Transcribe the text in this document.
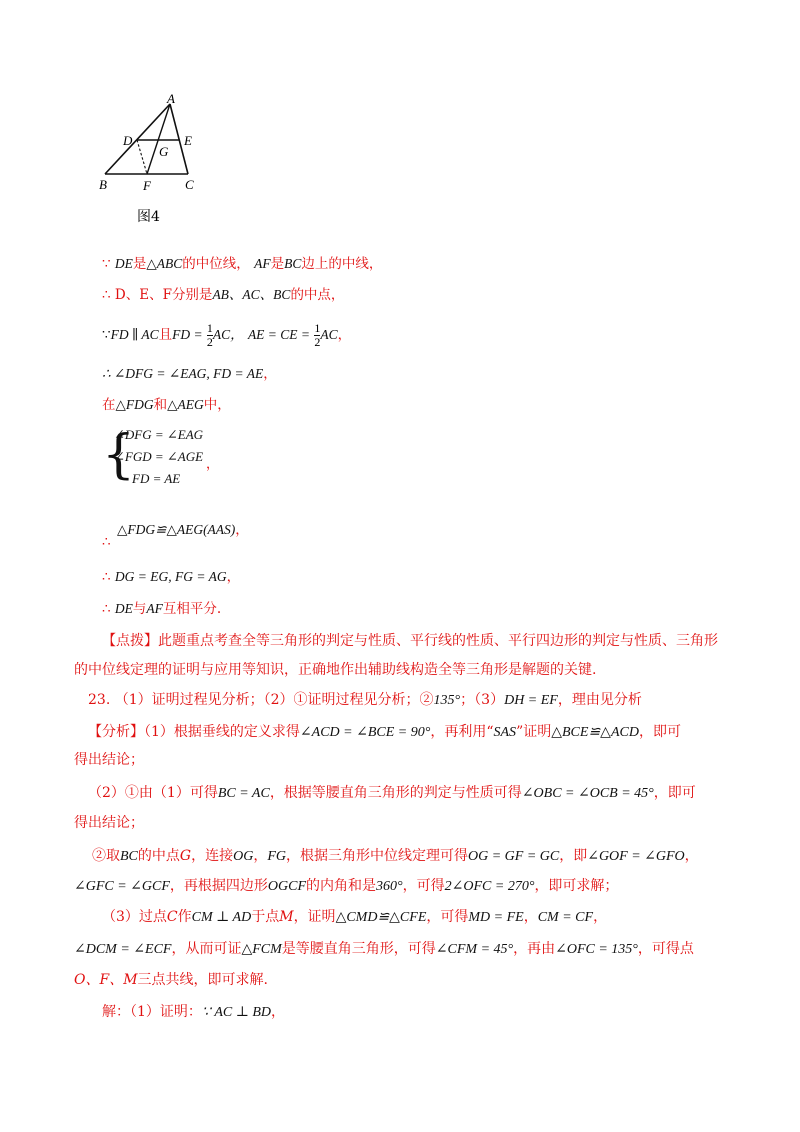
A
D	E
G
B	F	C
图4
∵ DE是△ABC的中位线， AF是BC边上的中线，
∴ D、E、F分别是AB、AC、BC的中点，
∵FD ∥ AC且FD = $\frac{1}{2}$ AC， AE = CE = $\frac{1}{2}$ AC，
∴ ∠DFG = ∠EAG, FD = AE，
在△FDG和△AEG中，
{
∠DFG = ∠EAG
∠FGD = ∠AGE
FD = AE
，
△FDG≌△AEG(AAS)，
∴
∴ DG = EG, FG = AG，
∴ DE与AF互相平分.
【点拨】此题重点考查全等三角形的判定与性质、平行线的性质、平行四边形的判定与性质、三角形
的中位线定理的证明与应用等知识，正确地作出辅助线构造全等三角形是解题的关键.
23. （1）证明过程见分析；（2）①证明过程见分析；②135°；（3）DH = EF，理由见分析
【分析】（1）根据垂线的定义求得∠ACD = ∠BCE = 90°，再利用“SAS”证明△BCE≌△ACD，即可
得出结论；
（2）①由（1）可得BC = AC，根据等腰直角三角形的判定与性质可得∠OBC = ∠OCB = 45°，即可
得出结论；
②取BC的中点G，连接OG，FG，根据三角形中位线定理可得OG = GF = GC，即∠GOF = ∠GFO，
∠GFC = ∠GCF，再根据四边形OGCF的内角和是360°，可得2∠OFC = 270°，即可求解；
（3）过点C作CM ⊥ AD于点M，证明△CMD≌△CFE，可得MD = FE，CM = CF，
∠DCM = ∠ECF，从而可证△FCM是等腰直角三角形，可得∠CFM = 45°，再由∠OFC = 135°，可得点
O、F、M三点共线，即可求解.
解：（1）证明：∵ AC ⊥ BD，
